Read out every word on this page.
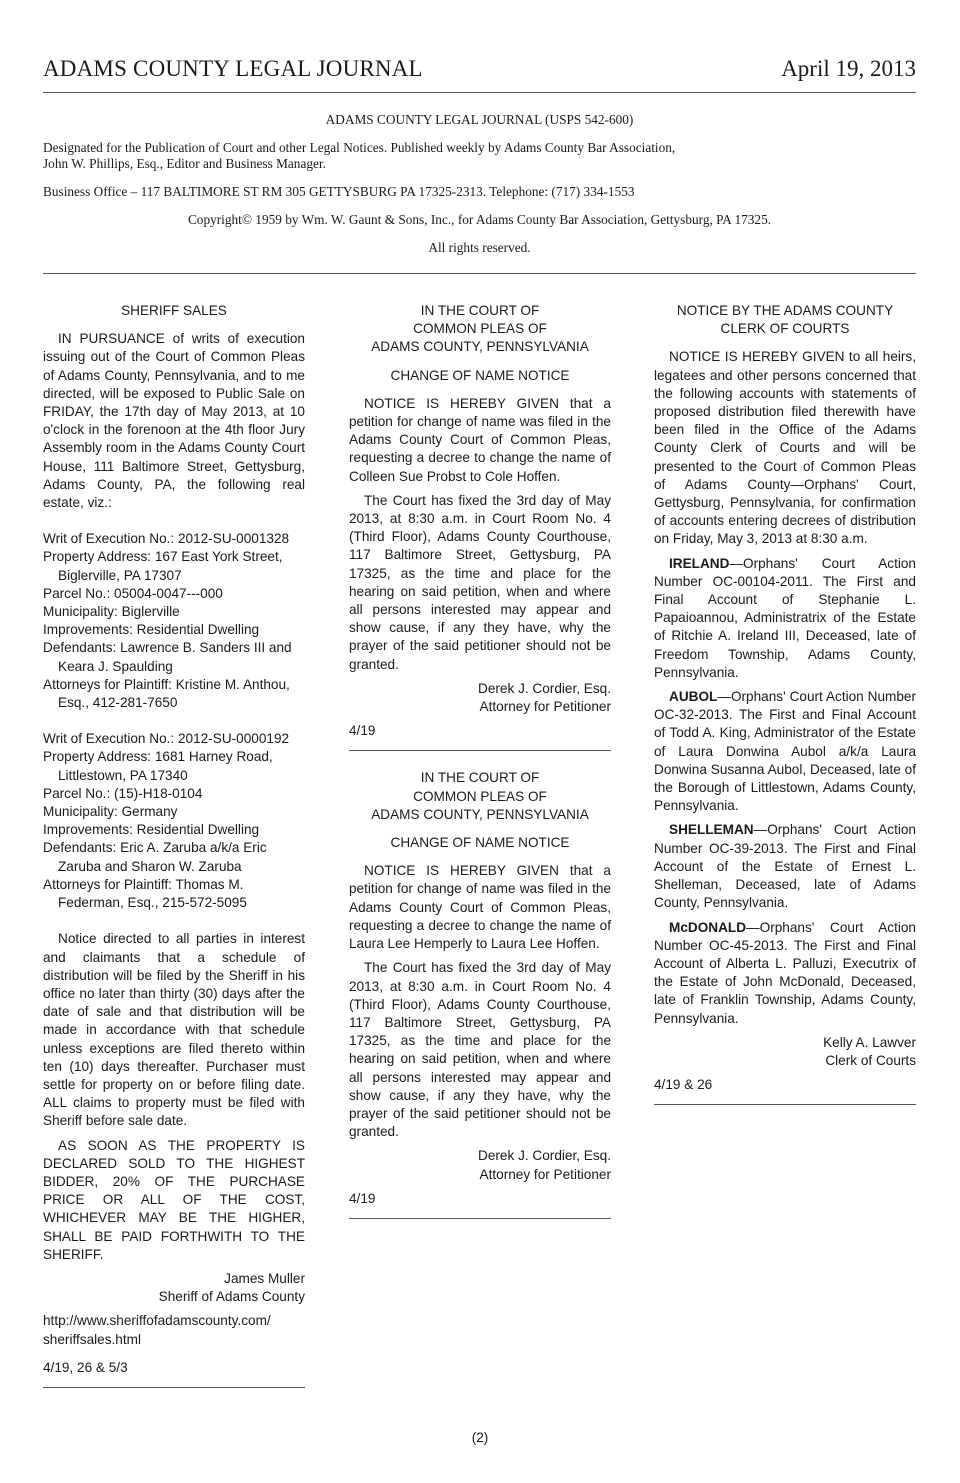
ADAMS COUNTY LEGAL JOURNAL	April 19, 2013

ADAMS COUNTY LEGAL JOURNAL (USPS 542-600)

Designated for the Publication of Court and other Legal Notices. Published weekly by Adams County Bar Association,

John W. Phillips, Esq., Editor and Business Manager.

Business Office – 117 BALTIMORE ST RM 305 GETTYSBURG PA 17325-2313. Telephone: (717) 334-1553

Copyright© 1959 by Wm. W. Gaunt & Sons, Inc., for Adams County Bar Association, Gettysburg, PA 17325.

All rights reserved.

SHERIFF SALES

IN PURSUANCE of writs of execution issuing out of the Court of Common Pleas of Adams County, Pennsylvania, and to me directed, will be exposed to Public Sale on FRIDAY, the 17th day of May 2013, at 10 o'clock in the forenoon at the 4th floor Jury Assembly room in the Adams County Court House, 111 Baltimore Street, Gettysburg, Adams County, PA, the following real estate, viz.:

Writ of Execution No.: 2012-SU-0001328

Property Address: 167 East York Street, Biglerville, PA 17307

Parcel No.: 05004-0047---000

Municipality: Biglerville

Improvements: Residential Dwelling

Defendants: Lawrence B. Sanders III and Keara J. Spaulding

Attorneys for Plaintiff: Kristine M. Anthou, Esq., 412-281-7650

Writ of Execution No.: 2012-SU-0000192

Property Address: 1681 Harney Road, Littlestown, PA 17340

Parcel No.: (15)-H18-0104

Municipality: Germany

Improvements: Residential Dwelling

Defendants: Eric A. Zaruba a/k/a Eric Zaruba and Sharon W. Zaruba

Attorneys for Plaintiff: Thomas M. Federman, Esq., 215-572-5095

Notice directed to all parties in interest and claimants that a schedule of distribution will be filed by the Sheriff in his office no later than thirty (30) days after the date of sale and that distribution will be made in accordance with that schedule unless exceptions are filed thereto within ten (10) days thereafter. Purchaser must settle for property on or before filing date. ALL claims to property must be filed with Sheriff before sale date.

AS SOON AS THE PROPERTY IS DECLARED SOLD TO THE HIGHEST BIDDER, 20% OF THE PURCHASE PRICE OR ALL OF THE COST, WHICHEVER MAY BE THE HIGHER, SHALL BE PAID FORTHWITH TO THE SHERIFF.

James Muller

Sheriff of Adams County

http://www.sheriffofadamscounty.com/ sheriffsales.html

4/19, 26 & 5/3

IN THE COURT OF

COMMON PLEAS OF

ADAMS COUNTY, PENNSYLVANIA

CHANGE OF NAME NOTICE

NOTICE IS HEREBY GIVEN that a petition for change of name was filed in the Adams County Court of Common Pleas, requesting a decree to change the name of Colleen Sue Probst to Cole Hoffen.

The Court has fixed the 3rd day of May 2013, at 8:30 a.m. in Court Room No. 4 (Third Floor), Adams County Courthouse, 117 Baltimore Street, Gettysburg, PA 17325, as the time and place for the hearing on said petition, when and where all persons interested may appear and show cause, if any they have, why the prayer of the said petitioner should not be granted.

Derek J. Cordier, Esq.

Attorney for Petitioner

4/19

IN THE COURT OF

COMMON PLEAS OF

ADAMS COUNTY, PENNSYLVANIA

CHANGE OF NAME NOTICE

NOTICE IS HEREBY GIVEN that a petition for change of name was filed in the Adams County Court of Common Pleas, requesting a decree to change the name of Laura Lee Hemperly to Laura Lee Hoffen.

The Court has fixed the 3rd day of May 2013, at 8:30 a.m. in Court Room No. 4 (Third Floor), Adams County Courthouse, 117 Baltimore Street, Gettysburg, PA 17325, as the time and place for the hearing on said petition, when and where all persons interested may appear and show cause, if any they have, why the prayer of the said petitioner should not be granted.

Derek J. Cordier, Esq.

Attorney for Petitioner

4/19

NOTICE BY THE ADAMS COUNTY

CLERK OF COURTS

NOTICE IS HEREBY GIVEN to all heirs, legatees and other persons concerned that the following accounts with statements of proposed distribution filed therewith have been filed in the Office of the Adams County Clerk of Courts and will be presented to the Court of Common Pleas of Adams County—Orphans' Court, Gettysburg, Pennsylvania, for confirmation of accounts entering decrees of distribution on Friday, May 3, 2013 at 8:30 a.m.

IRELAND—Orphans' Court Action Number OC-00104-2011. The First and Final Account of Stephanie L. Papaioannou, Administratrix of the Estate of Ritchie A. Ireland III, Deceased, late of Freedom Township, Adams County, Pennsylvania.

AUBOL—Orphans' Court Action Number OC-32-2013. The First and Final Account of Todd A. King, Administrator of the Estate of Laura Donwina Aubol a/k/a Laura Donwina Susanna Aubol, Deceased, late of the Borough of Littlestown, Adams County, Pennsylvania.

SHELLEMAN—Orphans' Court Action Number OC-39-2013. The First and Final Account of the Estate of Ernest L. Shelleman, Deceased, late of Adams County, Pennsylvania.

McDONALD—Orphans' Court Action Number OC-45-2013. The First and Final Account of Alberta L. Palluzi, Executrix of the Estate of John McDonald, Deceased, late of Franklin Township, Adams County, Pennsylvania.

Kelly A. Lawver

Clerk of Courts

4/19 & 26

(2)
